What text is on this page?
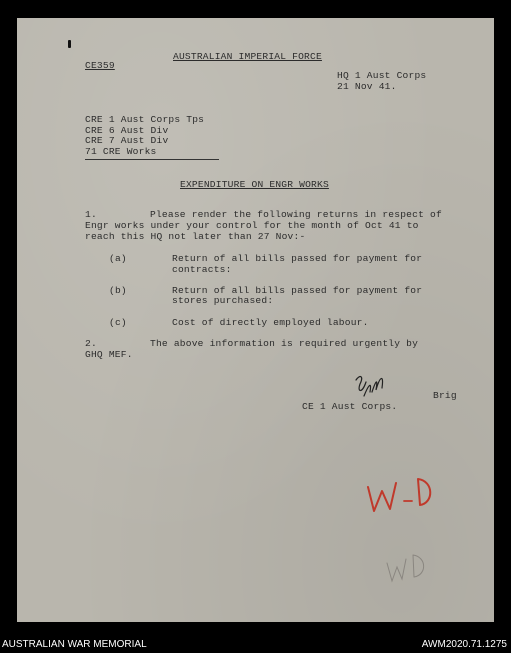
AUSTRALIAN IMPERIAL FORCE
CE359
HQ 1 Aust Corps
21 Nov 41.
CRE 1 Aust Corps Tps
CRE 6 Aust Div
CRE 7 Aust Div
71 CRE Works
EXPENDITURE ON ENGR WORKS
1.	Please render the following returns in respect of
Engr works under your control for the month of Oct 41 to
reach this HQ not later than 27 Nov:-
(a)	Return of all bills passed for payment for
contracts:
(b)	Return of all bills passed for payment for
stores purchased:
(c)	Cost of directly employed labour.
2.	The above information is required urgently by
GHQ MEF.
Brig
CE 1 Aust Corps.
AUSTRALIAN WAR MEMORIAL	AWM2020.71.1275
